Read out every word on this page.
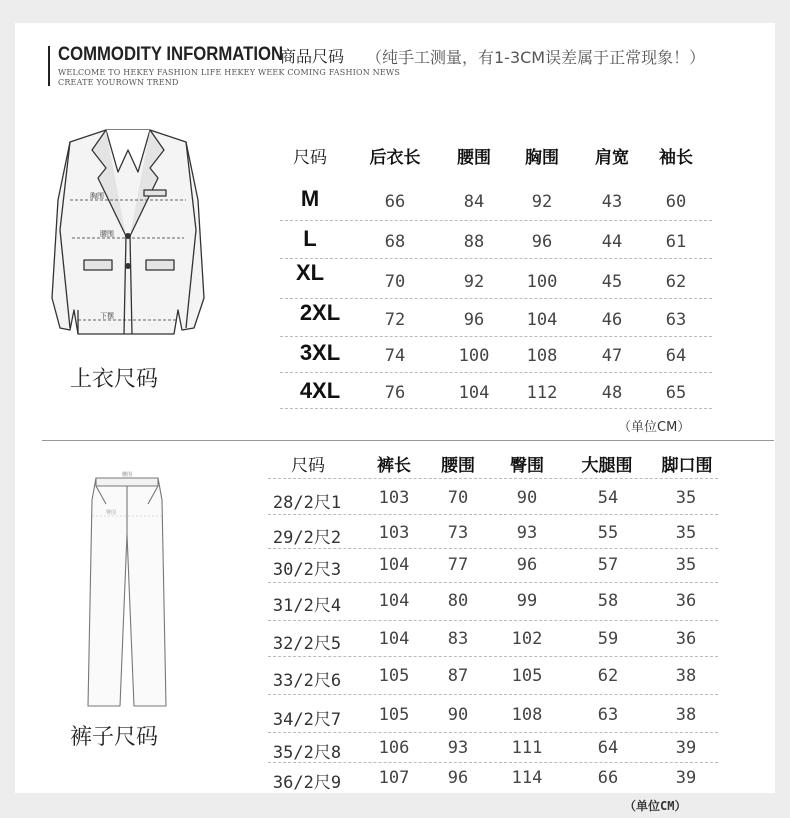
COMMODITY INFORMATION
商品尺码 （纯手工测量，有1-3CM误差属于正常现象！）
WELCOME TO HEKEY FASHION LIFE HEKEY WEEK COMING FASHION NEWS
CREATE YOUROWN TREND
胸围
腰围
下摆
上衣尺码
尺码	后衣长	腰围	胸围	肩宽	袖长
M	66	84	92	43	60
L	68	88	96	44	61
XL	70	92	100	45	62
2XL	72	96	104	46	63
3XL	74	100	108	47	64
4XL	76	104	112	48	65
（单位CM）
腰围
臀围
裤子尺码
尺码	裤长	腰围	臀围	大腿围	脚口围
28/2尺1	103	70	90	54	35
29/2尺2	103	73	93	55	35
30/2尺3	104	77	96	57	35
31/2尺4	104	80	99	58	36
32/2尺5	104	83	102	59	36
33/2尺6	105	87	105	62	38
34/2尺7	105	90	108	63	38
35/2尺8	106	93	111	64	39
36/2尺9	107	96	114	66	39
（单位CM）
